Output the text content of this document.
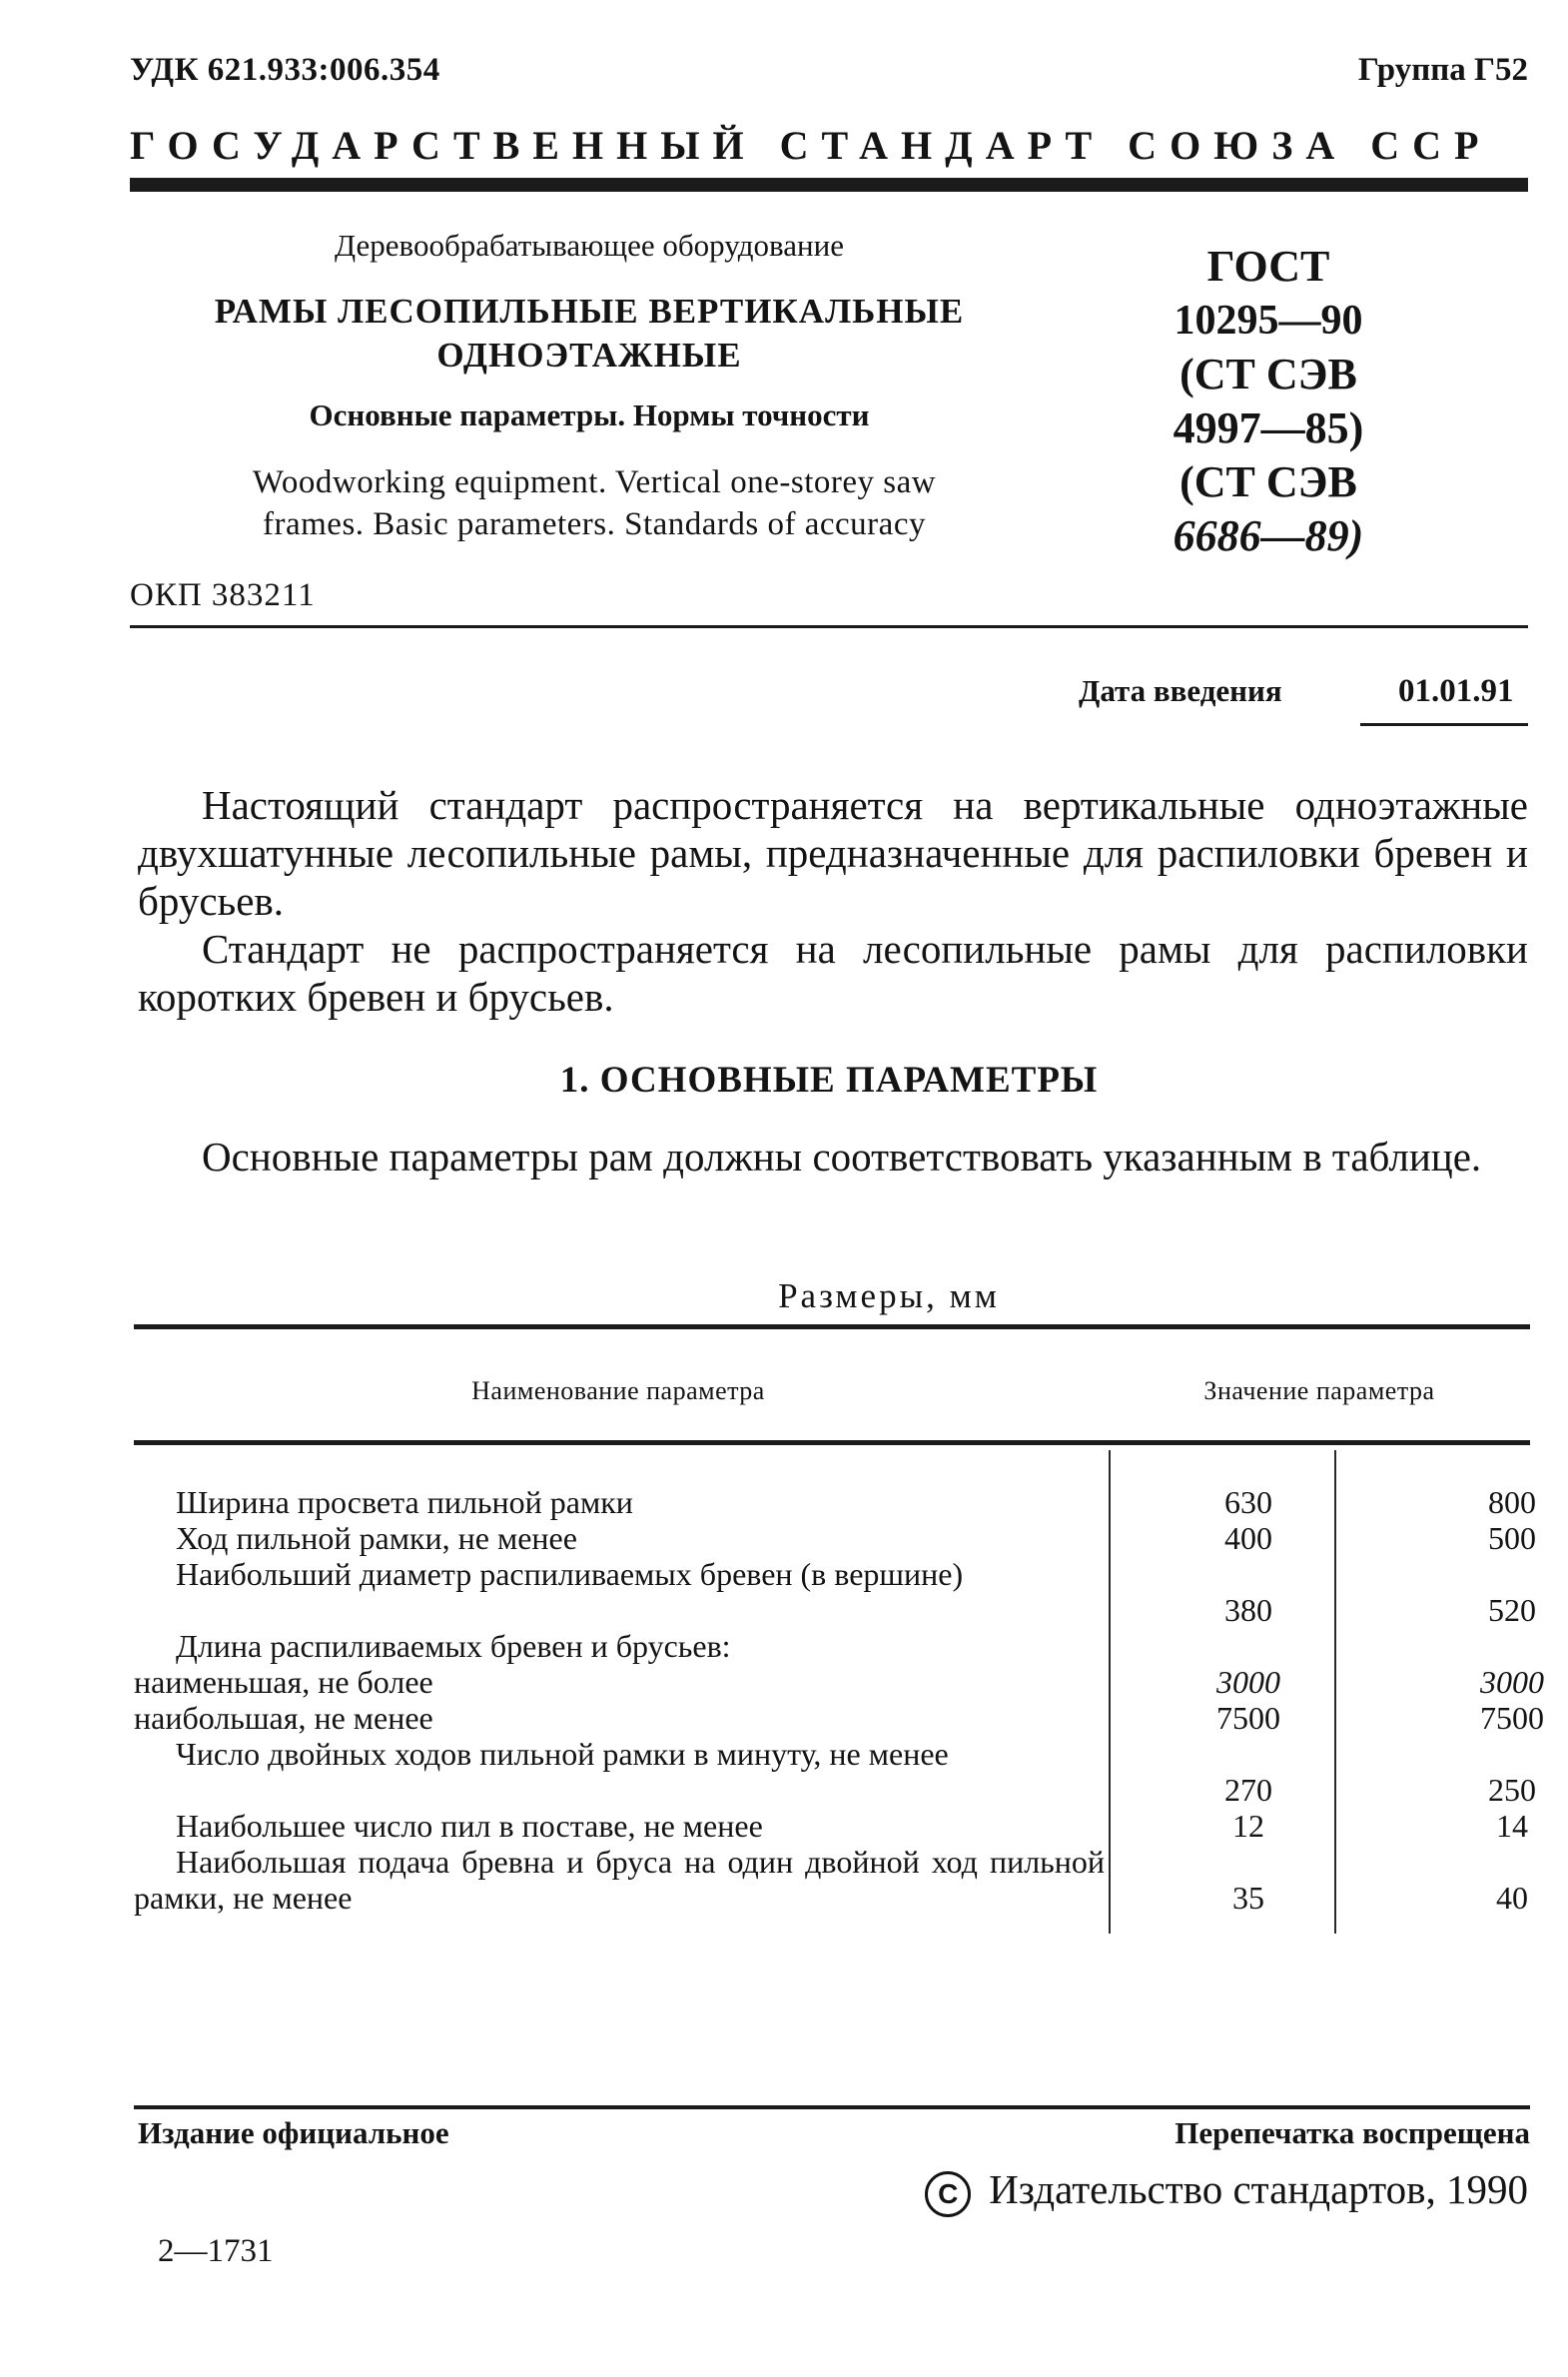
УДК 621.933:006.354	Группа Г52
ГОСУДАРСТВЕННЫЙ СТАНДАРТ СОЮЗА ССР
Деревообрабатывающее оборудование
РАМЫ ЛЕСОПИЛЬНЫЕ ВЕРТИКАЛЬНЫЕ
ОДНОЭТАЖНЫЕ
Основные параметры. Нормы точности
Woodworking equipment. Vertical one-storey saw
frames. Basic parameters. Standards of accuracy
ОКП 383211
ГОСТ
10295—90
(СТ СЭВ
4997—85)
(СТ СЭВ
6686—89)
Дата введения	01.01.91

Настоящий стандарт распространяется на вертикальные одноэтажные двухшатунные лесопильные рамы, предназначенные для распиловки бревен и брусьев.

Стандарт не распространяется на лесопильные рамы для распиловки коротких бревен и брусьев.

1. ОСНОВНЫЕ ПАРАМЕТРЫ

Основные параметры рам должны соответствовать указанным в таблице.

Размеры, мм
Наименование параметра	Значение параметра
Ширина просвета пильной рамки	630	800
Ход пильной рамки, не менее	400	500
Наибольший диаметр распиливаемых бревен (в вершине)
380	520
Длина распиливаемых бревен и брусьев:
наименьшая, не более	3000	3000
наибольшая, не менее	7500	7500
Число двойных ходов пильной рамки в минуту, не менее
270	250
Наибольшее число пил в поставе, не менее	12	14
Наибольшая подача бревна и бруса на один двойной ход пильной рамки, не менее	35	40
Издание официальное	Перепечатка воспрещена
C Издательство стандартов, 1990
2—1731
